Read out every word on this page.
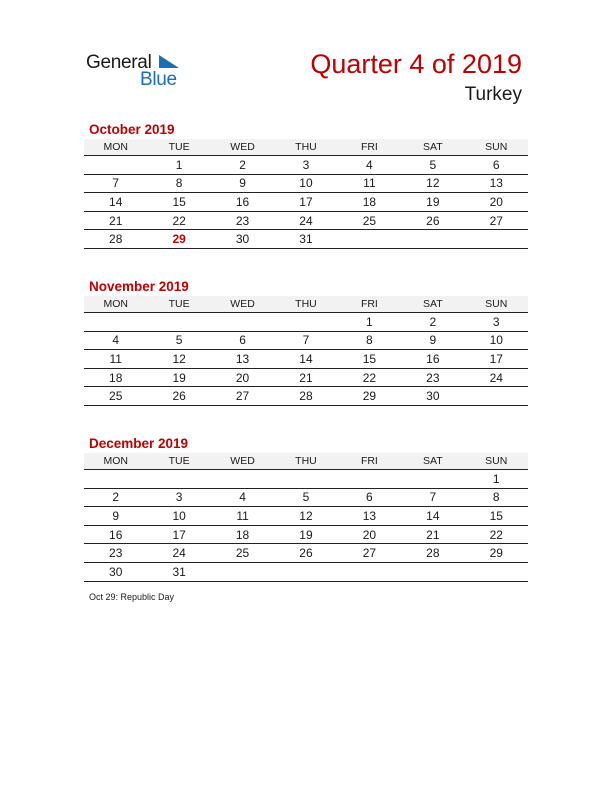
General
Blue
Quarter 4 of 2019
Turkey
October 2019
MON	TUE	WED	THU	FRI	SAT	SUN
	1	2	3	4	5	6
7	8	9	10	11	12	13
14	15	16	17	18	19	20
21	22	23	24	25	26	27
28	29	30	31			
November 2019
MON	TUE	WED	THU	FRI	SAT	SUN
				1	2	3
4	5	6	7	8	9	10
11	12	13	14	15	16	17
18	19	20	21	22	23	24
25	26	27	28	29	30	
December 2019
MON	TUE	WED	THU	FRI	SAT	SUN
						1
2	3	4	5	6	7	8
9	10	11	12	13	14	15
16	17	18	19	20	21	22
23	24	25	26	27	28	29
30	31					
Oct 29: Republic Day
